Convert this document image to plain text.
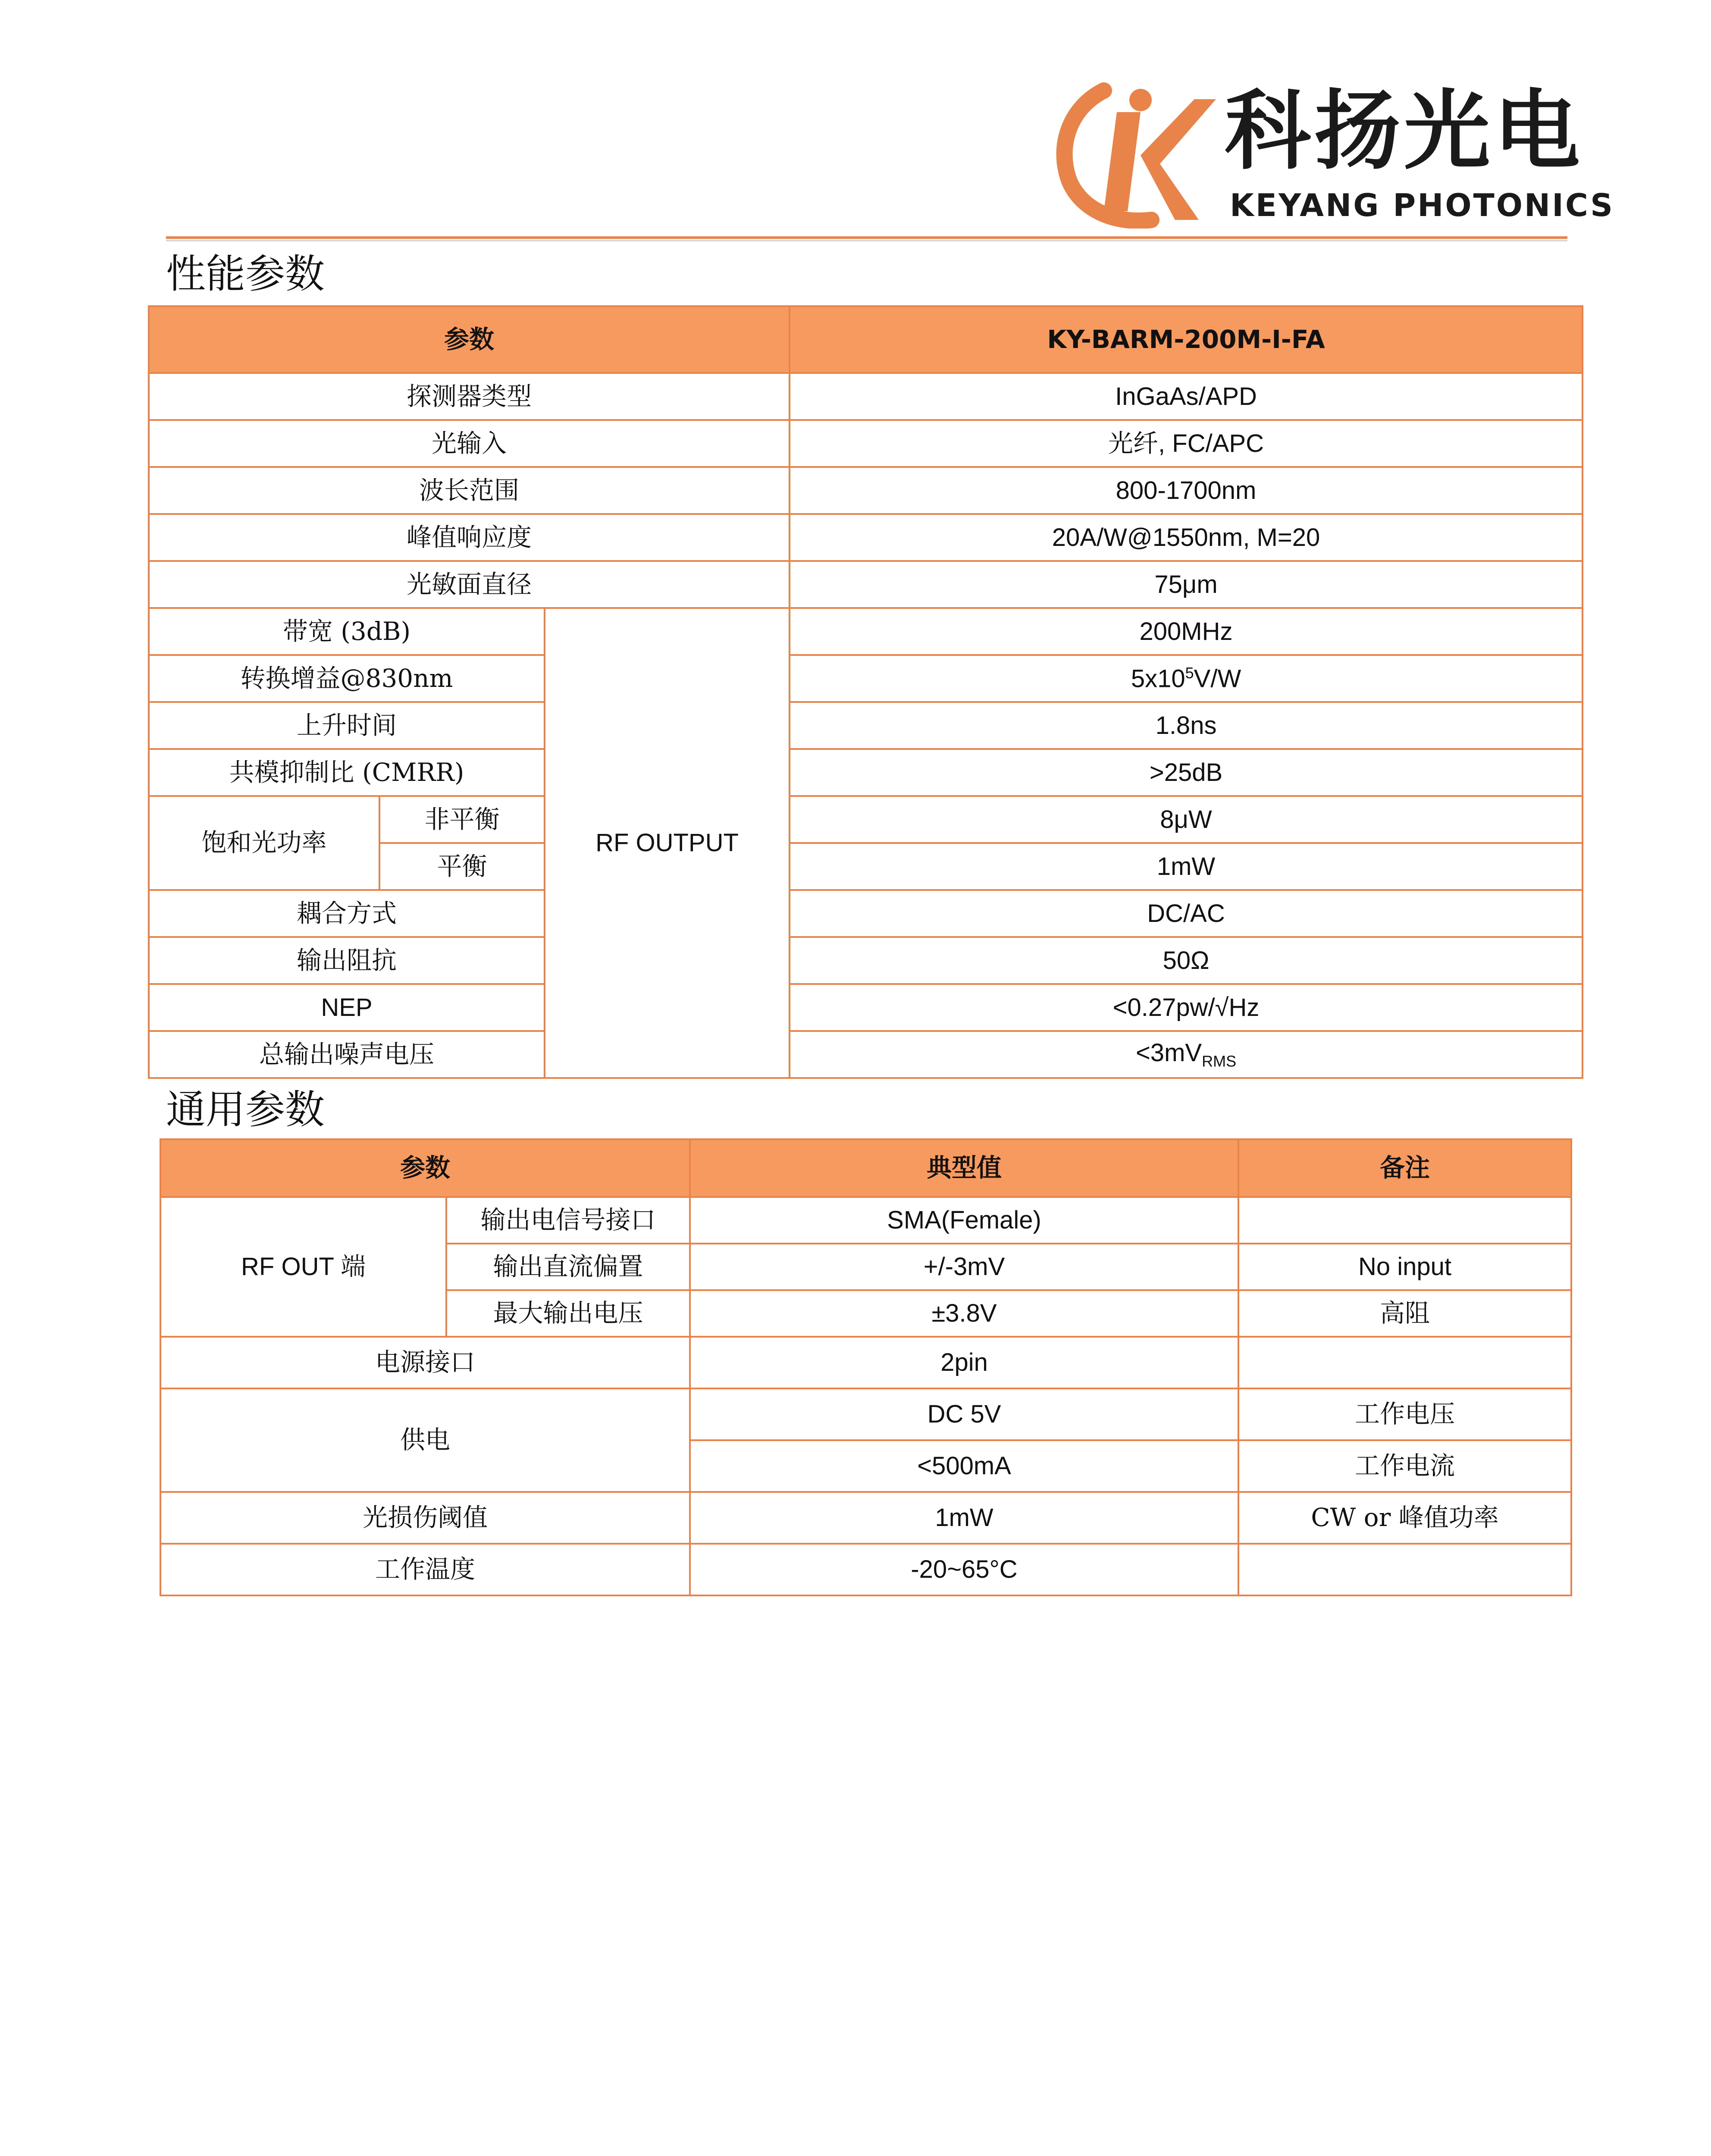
科扬光电
KEYANG PHOTONICS
性能参数
参数			KY-BARM-200M-I-FA
探测器类型			InGaAs/APD
光输入			光纤, FC/APC
波长范围			800-1700nm
峰值响应度			20A/W@1550nm, M=20
光敏面直径			75μm
带宽 (3dB)		RF OUTPUT	200MHz
转换增益@830nm			$5x10^5V/W$
上升时间			1.8ns
共模抑制比 (CMRR)			>25dB
饱和光功率	非平衡		8μW
	平衡		1mW
耦合方式			DC/AC
输出阻抗			50Ω
NEP			<0.27pw/√Hz
总输出噪声电压			$<3mV_{RMS}$
通用参数
参数		典型值	备注
RF OUT 端	输出电信号接口	SMA(Female)	
	输出直流偏置	+/-3mV	No input
	最大输出电压	±3.8V	高阻
电源接口		2pin	
供电		DC 5V	工作电压
		<500mA	工作电流
光损伤阈值		1mW	CW or 峰值功率
工作温度		-20~65°C	
